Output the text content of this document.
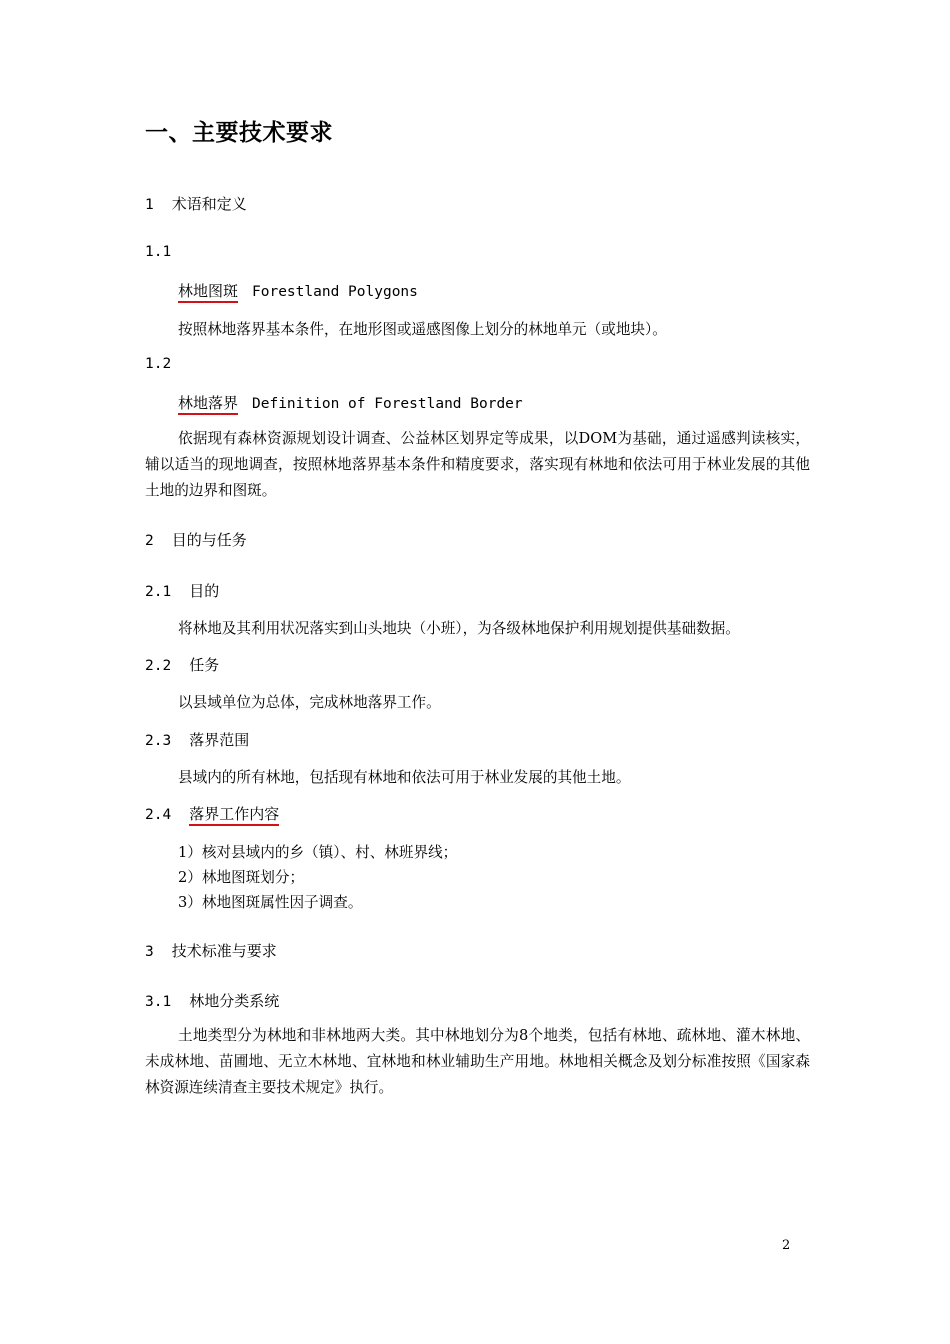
一、主要技术要求
1 术语和定义
1.1
林地图斑 Forestland Polygons
按照林地落界基本条件，在地形图或遥感图像上划分的林地单元（或地块）。
1.2
林地落界 Definition of Forestland Border
依据现有森林资源规划设计调查、公益林区划界定等成果，以DOM为基础，通过遥感判读核实，辅以适当的现地调查，按照林地落界基本条件和精度要求，落实现有林地和依法可用于林业发展的其他土地的边界和图斑。
2 目的与任务
2.1 目的
将林地及其利用状况落实到山头地块（小班），为各级林地保护利用规划提供基础数据。
2.2 任务
以县域单位为总体，完成林地落界工作。
2.3 落界范围
县域内的所有林地，包括现有林地和依法可用于林业发展的其他土地。
2.4 落界工作内容
1）核对县域内的乡（镇）、村、林班界线；
2）林地图斑划分；
3）林地图斑属性因子调查。
3 技术标准与要求
3.1 林地分类系统
土地类型分为林地和非林地两大类。其中林地划分为8个地类，包括有林地、疏林地、灌木林地、未成林地、苗圃地、无立木林地、宜林地和林业辅助生产用地。林地相关概念及划分标准按照《国家森林资源连续清查主要技术规定》执行。
2
